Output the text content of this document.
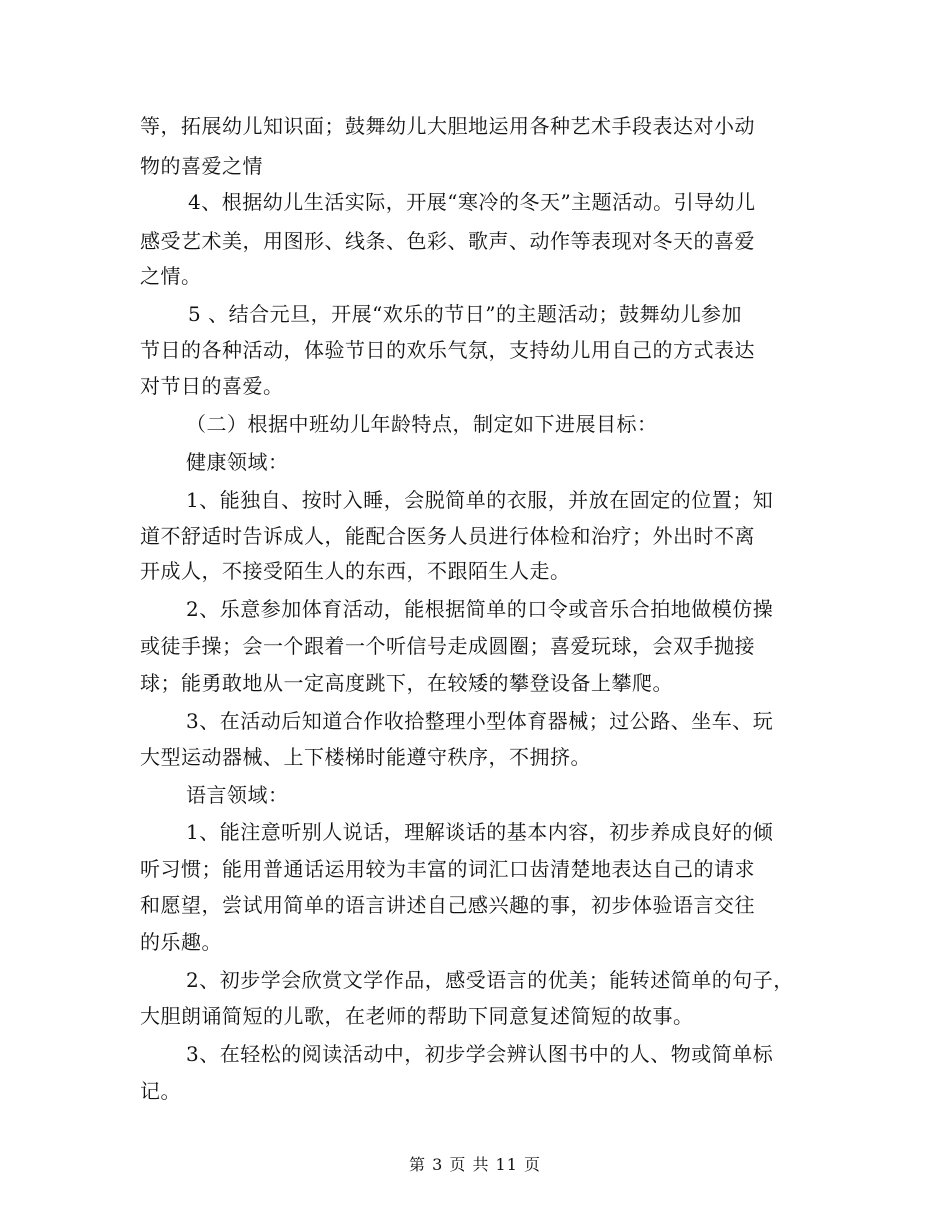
等，拓展幼儿知识面；鼓舞幼儿大胆地运用各种艺术手段表达对小动
物的喜爱之情
4、根据幼儿生活实际，开展“寒冷的冬天”主题活动。引导幼儿
感受艺术美，用图形、线条、色彩、歌声、动作等表现对冬天的喜爱
之情。
5 、结合元旦，开展“欢乐的节日”的主题活动；鼓舞幼儿参加
节日的各种活动，体验节日的欢乐气氛，支持幼儿用自己的方式表达
对节日的喜爱。
（二）根据中班幼儿年龄特点，制定如下进展目标：
健康领域：
1、能独自、按时入睡，会脱简单的衣服，并放在固定的位置；知
道不舒适时告诉成人，能配合医务人员进行体检和治疗；外出时不离
开成人，不接受陌生人的东西，不跟陌生人走。
2、乐意参加体育活动，能根据简单的口令或音乐合拍地做模仿操
或徒手操；会一个跟着一个听信号走成圆圈；喜爱玩球，会双手抛接
球；能勇敢地从一定高度跳下，在较矮的攀登设备上攀爬。
3、在活动后知道合作收拾整理小型体育器械；过公路、坐车、玩
大型运动器械、上下楼梯时能遵守秩序，不拥挤。
语言领域：
1、能注意听别人说话，理解谈话的基本内容，初步养成良好的倾
听习惯；能用普通话运用较为丰富的词汇口齿清楚地表达自己的请求
和愿望，尝试用简单的语言讲述自己感兴趣的事，初步体验语言交往
的乐趣。
2、初步学会欣赏文学作品，感受语言的优美；能转述简单的句子，
大胆朗诵简短的儿歌，在老师的帮助下同意复述简短的故事。
3、在轻松的阅读活动中，初步学会辨认图书中的人、物或简单标
记。
第 3 页 共 11 页
